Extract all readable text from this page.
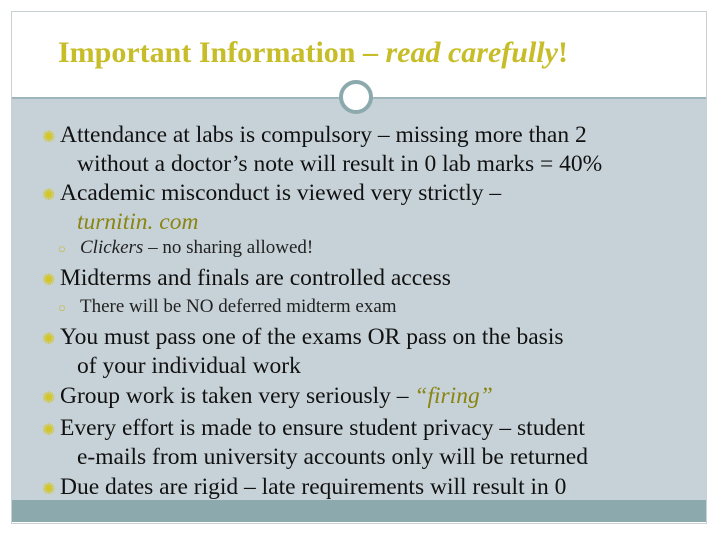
Important Information – read carefully!

✺ Attendance at labs is compulsory – missing more than 2
without a doctor’s note will result in 0 lab marks = 40%

✺ Academic misconduct is viewed very strictly –
turnitin. com

○ Clickers – no sharing allowed!

✺ Midterms and finals are controlled access

○ There will be NO deferred midterm exam

✺ You must pass one of the exams OR pass on the basis
of your individual work

✺ Group work is taken very seriously – “firing”

✺ Every effort is made to ensure student privacy – student
e-mails from university accounts only will be returned

✺ Due dates are rigid – late requirements will result in 0
